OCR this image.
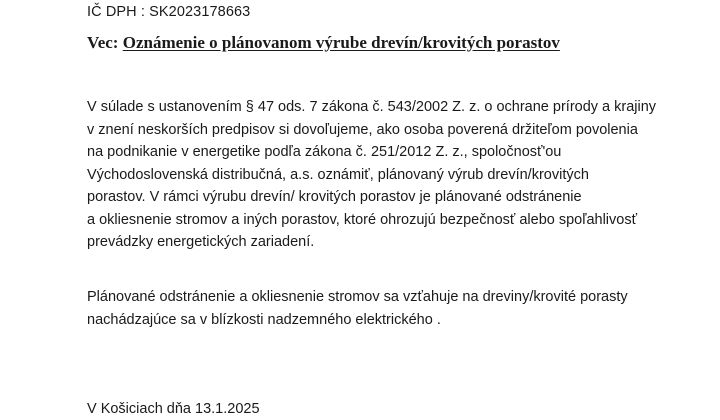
IČ DPH : SK2023178663
Vec: Oznámenie o plánovanom výrube drevín/krovitých porastov
V súlade s ustanovením § 47 ods. 7 zákona č. 543/2002 Z. z. o ochrane prírody a krajiny
v znení neskorších predpisov si dovoľujeme, ako osoba poverená držiteľom povolenia
na podnikanie v energetike podľa zákona č. 251/2012 Z. z., spoločnosť'ou
Východoslovenská distribučná, a.s. oznámiť, plánovaný výrub drevín/krovitých
porastov. V rámci výrubu drevín/ krovitých porastov je plánované odstránenie
a okliesnenie stromov a iných porastov, ktoré ohrozujú bezpečnosť alebo spoľahlivosť
prevádzky energetických zariadení.
Plánované odstránenie a okliesnenie stromov sa vzťahuje na dreviny/krovité porasty
nachádzajúce sa v blízkosti nadzemného elektrického .
V Košiciach dňa 13.1.2025
